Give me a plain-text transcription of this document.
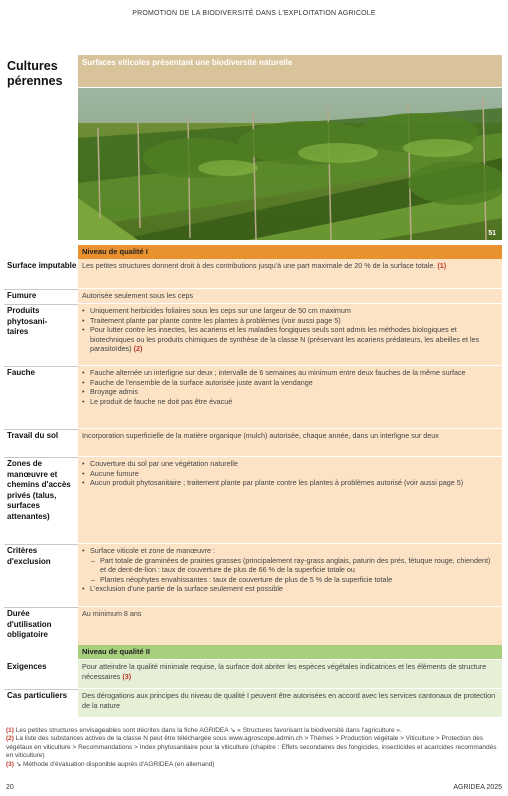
PROMOTION DE LA BIODIVERSITÉ DANS L'EXPLOITATION AGRICOLE
Cultures pérennes
Surfaces viticoles présentant une biodiversité naturelle
51
Niveau de qualité I
Surface imputable Les petites structures donnent droit à des contributions jusqu'à une part maximale de 20 % de la surface totale. (1)
Fumure	Autorisée seulement sous les ceps
Produits phytosani-taires
• Uniquement herbicides foliaires sous les ceps sur une largeur de 50 cm maximum
• Traitement plante par plante contre les plantes à problèmes (voir aussi page 5)
• Pour lutter contre les insectes, les acariens et les maladies fongiques seuls sont admis les méthodes biologiques et biotechniques ou les produits chimiques de synthèse de la classe N (préservant les acariens prédateurs, les abeilles et les parasitoïdes) (2)
Fauche
•	Fauche alternée un interligne sur deux ; intervalle de 6 semaines au minimum entre deux fauches de la même surface
• Fauche de l'ensemble de la surface autorisée juste avant la vendange
• Broyage admis
• Le produit de fauche ne doit pas être évacué
Travail du sol	Incorporation superficielle de la matière organique (mulch) autorisée, chaque année, dans un interligne sur deux
Zones de manœuvre et chemins d'accès privés (talus, surfaces attenantes)
• Couverture du sol par une végétation naturelle
• Aucune fumure
• Aucun produit phytosanitaire ; traitement plante par plante contre les plantes à problèmes autorisé (voir aussi page 5)
Critères d'exclusion
• Surface viticole et zone de manœuvre :
– Part totale de graminées de prairies grasses (principalement ray-grass anglais, paturin des prés, fétuque rouge, chiendent) et de dent-de-lion : taux de couverture de plus de 66 % de la superficie totale ou
– Plantes néophytes envahissantes : taux de couverture de plus de 5 % de la superficie totale
• L'exclusion d'une partie de la surface seulement est possible
Durée d'utilisation obligatoire
Au minimum 8 ans
Niveau de qualité II
Exigences	Pour atteindre la qualité minimale requise, la surface doit abriter les espèces végétales indicatrices et les éléments de structure nécessaires (3)
Cas particuliers	Des dérogations aux principes du niveau de qualité I peuvent être autorisées en accord avec les services cantonaux de protection de la nature
(1) Les petites structures envisageables sont décrites dans la fiche AGRIDEA ↘ « Structures favorisant la biodiversité dans l'agriculture ».
(2) La liste des substances actives de la classe N peut être téléchargée sous www.agroscope.admin.ch > Thèmes > Production végétale > Viticulture > Protection des végétaux en viticulture > Recommandations > Index phytosanitaire pour la viticulture (chapitre : Effets secondaires des fongicides, insecticides et acaricides recommandés en viticulture)
(3) ↘ Méthode d'évaluation disponible auprès d'AGRIDEA (en allemand)
20	AGRIDEA 2025
